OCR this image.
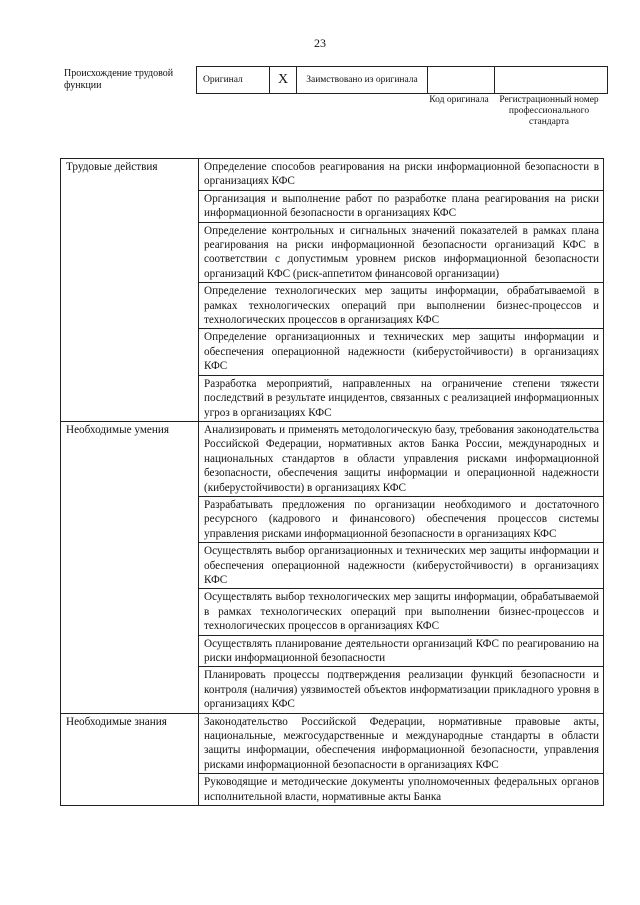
23
Происхождение трудовой функции	Оригинал	X	Заимствовано из оригинала		
Код оригинала	Регистрационный номер профессионального стандарта
Трудовые действия	Определение способов реагирования на риски информационной безопасности в организациях КФС
	Организация и выполнение работ по разработке плана реагирования на риски информационной безопасности в организациях КФС
	Определение контрольных и сигнальных значений показателей в рамках плана реагирования на риски информационной безопасности организаций КФС в соответствии с допустимым уровнем рисков информационной безопасности организаций КФС (риск-аппетитом финансовой организации)
	Определение технологических мер защиты информации, обрабатываемой в рамках технологических операций при выполнении бизнес-процессов и технологических процессов в организациях КФС
	Определение организационных и технических мер защиты информации и обеспечения операционной надежности (киберустойчивости) в организациях КФС
	Разработка мероприятий, направленных на ограничение степени тяжести последствий в результате инцидентов, связанных с реализацией информационных угроз в организациях КФС

Необходимые умения	Анализировать и применять методологическую базу, требования законодательства Российской Федерации, нормативных актов Банка России, международных и национальных стандартов в области управления рисками информационной безопасности, обеспечения защиты информации и операционной надежности (киберустойчивости) в организациях КФС
	Разрабатывать предложения по организации необходимого и достаточного ресурсного (кадрового и финансового) обеспечения процессов системы управления рисками информационной безопасности в организациях КФС
	Осуществлять выбор организационных и технических мер защиты информации и обеспечения операционной надежности (киберустойчивости) в организациях КФС
	Осуществлять выбор технологических мер защиты информации, обрабатываемой в рамках технологических операций при выполнении бизнес-процессов и технологических процессов в организациях КФС
	Осуществлять планирование деятельности организаций КФС по реагированию на риски информационной безопасности
	Планировать процессы подтверждения реализации функций безопасности и контроля (наличия) уязвимостей объектов информатизации прикладного уровня в организациях КФС

Необходимые знания	Законодательство Российской Федерации, нормативные правовые акты, национальные, межгосударственные и международные стандарты в области защиты информации, обеспечения информационной безопасности, управления рисками информационной безопасности в организациях КФС
	Руководящие и методические документы уполномоченных федеральных органов исполнительной власти, нормативные акты Банка
